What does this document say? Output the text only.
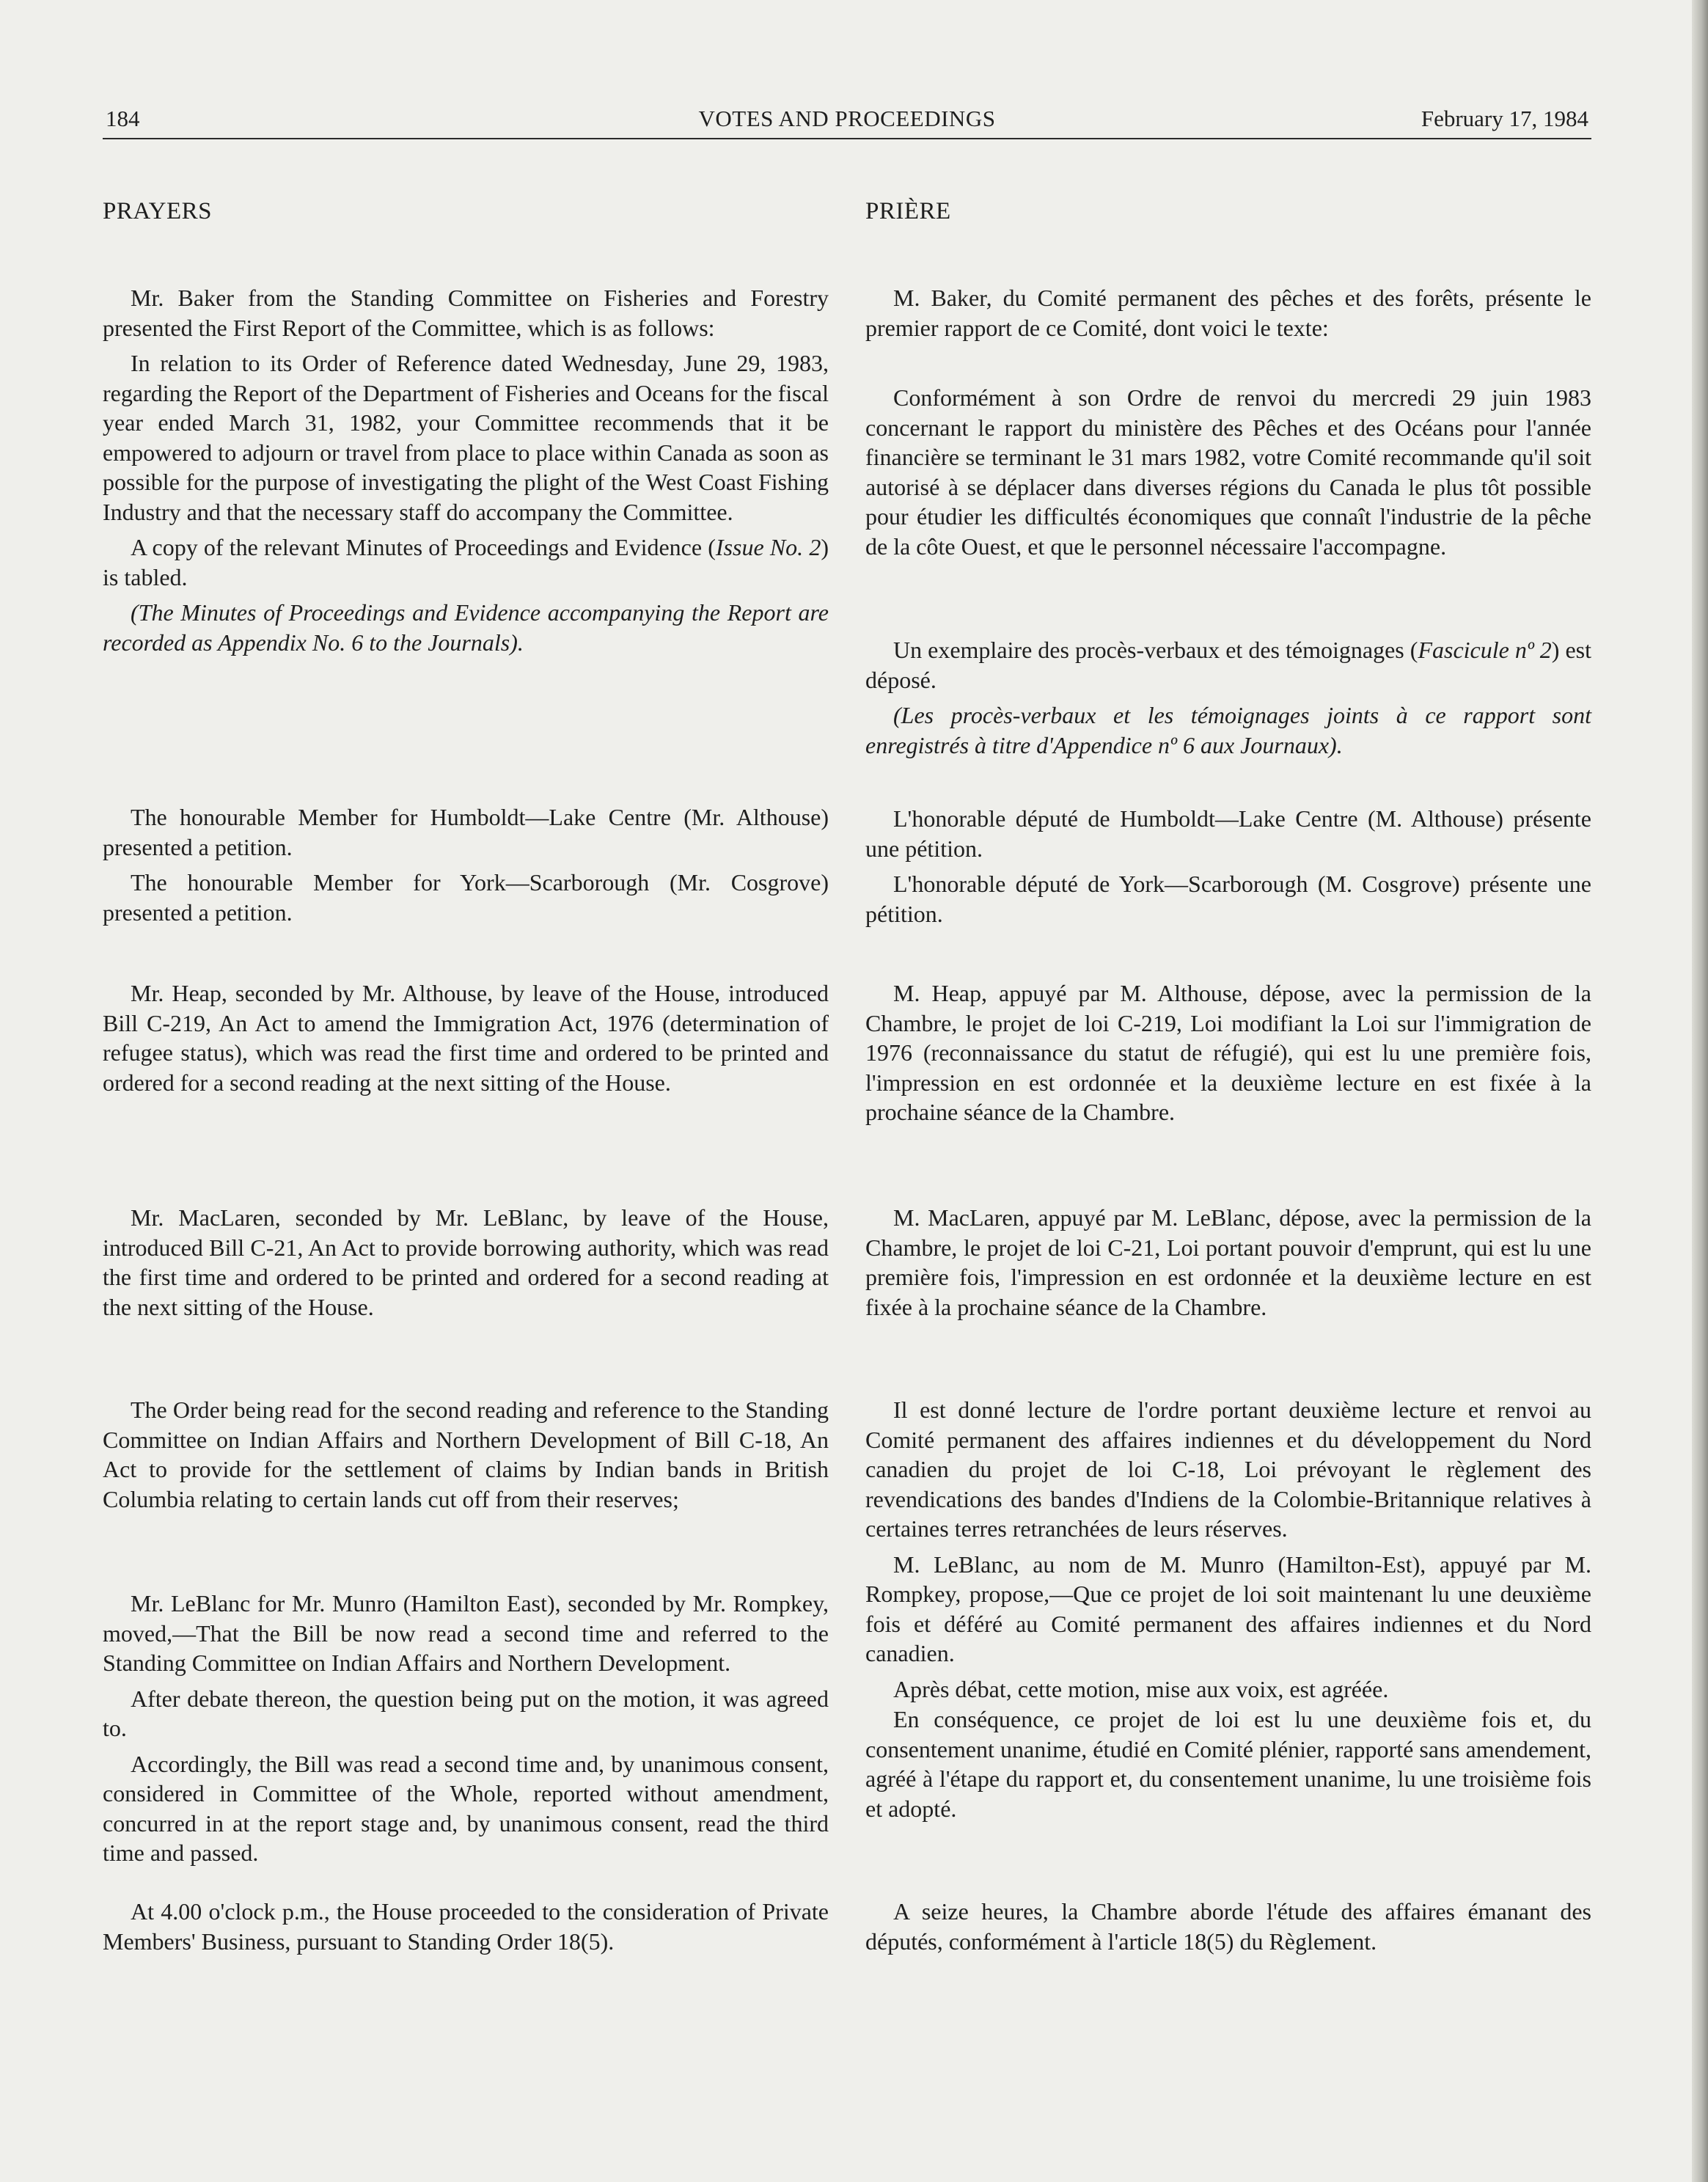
184	VOTES AND PROCEEDINGS	February 17, 1984
PRAYERS

Mr. Baker from the Standing Committee on Fisheries and Forestry presented the First Report of the Committee, which is as follows:

In relation to its Order of Reference dated Wednesday, June 29, 1983, regarding the Report of the Department of Fisheries and Oceans for the fiscal year ended March 31, 1982, your Committee recommends that it be empowered to adjourn or travel from place to place within Canada as soon as possible for the purpose of investigating the plight of the West Coast Fishing Industry and that the necessary staff do accompany the Committee.

A copy of the relevant Minutes of Proceedings and Evidence (Issue No. 2) is tabled.

(The Minutes of Proceedings and Evidence accompanying the Report are recorded as Appendix No. 6 to the Journals).

The honourable Member for Humboldt—Lake Centre (Mr. Althouse) presented a petition.

The honourable Member for York—Scarborough (Mr. Cosgrove) presented a petition.

Mr. Heap, seconded by Mr. Althouse, by leave of the House, introduced Bill C-219, An Act to amend the Immigration Act, 1976 (determination of refugee status), which was read the first time and ordered to be printed and ordered for a second reading at the next sitting of the House.

Mr. MacLaren, seconded by Mr. LeBlanc, by leave of the House, introduced Bill C-21, An Act to provide borrowing authority, which was read the first time and ordered to be printed and ordered for a second reading at the next sitting of the House.

The Order being read for the second reading and reference to the Standing Committee on Indian Affairs and Northern Development of Bill C-18, An Act to provide for the settlement of claims by Indian bands in British Columbia relating to certain lands cut off from their reserves;

Mr. LeBlanc for Mr. Munro (Hamilton East), seconded by Mr. Rompkey, moved,—That the Bill be now read a second time and referred to the Standing Committee on Indian Affairs and Northern Development.

After debate thereon, the question being put on the motion, it was agreed to.

Accordingly, the Bill was read a second time and, by unanimous consent, considered in Committee of the Whole, reported without amendment, concurred in at the report stage and, by unanimous consent, read the third time and passed.

At 4.00 o'clock p.m., the House proceeded to the consideration of Private Members' Business, pursuant to Standing Order 18(5).

PRIÈRE

M. Baker, du Comité permanent des pêches et des forêts, présente le premier rapport de ce Comité, dont voici le texte:

Conformément à son Ordre de renvoi du mercredi 29 juin 1983 concernant le rapport du ministère des Pêches et des Océans pour l'année financière se terminant le 31 mars 1982, votre Comité recommande qu'il soit autorisé à se déplacer dans diverses régions du Canada le plus tôt possible pour étudier les difficultés économiques que connaît l'industrie de la pêche de la côte Ouest, et que le personnel nécessaire l'accompagne.

Un exemplaire des procès-verbaux et des témoignages (Fascicule nº 2) est déposé.

(Les procès-verbaux et les témoignages joints à ce rapport sont enregistrés à titre d'Appendice nº 6 aux Journaux).

L'honorable député de Humboldt—Lake Centre (M. Althouse) présente une pétition.

L'honorable député de York—Scarborough (M. Cosgrove) présente une pétition.

M. Heap, appuyé par M. Althouse, dépose, avec la permission de la Chambre, le projet de loi C-219, Loi modifiant la Loi sur l'immigration de 1976 (reconnaissance du statut de réfugié), qui est lu une première fois, l'impression en est ordonnée et la deuxième lecture en est fixée à la prochaine séance de la Chambre.

M. MacLaren, appuyé par M. LeBlanc, dépose, avec la permission de la Chambre, le projet de loi C-21, Loi portant pouvoir d'emprunt, qui est lu une première fois, l'impression en est ordonnée et la deuxième lecture en est fixée à la prochaine séance de la Chambre.

Il est donné lecture de l'ordre portant deuxième lecture et renvoi au Comité permanent des affaires indiennes et du développement du Nord canadien du projet de loi C-18, Loi prévoyant le règlement des revendications des bandes d'Indiens de la Colombie-Britannique relatives à certaines terres retranchées de leurs réserves.

M. LeBlanc, au nom de M. Munro (Hamilton-Est), appuyé par M. Rompkey, propose,—Que ce projet de loi soit maintenant lu une deuxième fois et déféré au Comité permanent des affaires indiennes et du Nord canadien.

Après débat, cette motion, mise aux voix, est agréée.

En conséquence, ce projet de loi est lu une deuxième fois et, du consentement unanime, étudié en Comité plénier, rapporté sans amendement, agréé à l'étape du rapport et, du consentement unanime, lu une troisième fois et adopté.

A seize heures, la Chambre aborde l'étude des affaires émanant des députés, conformément à l'article 18(5) du Règlement.
